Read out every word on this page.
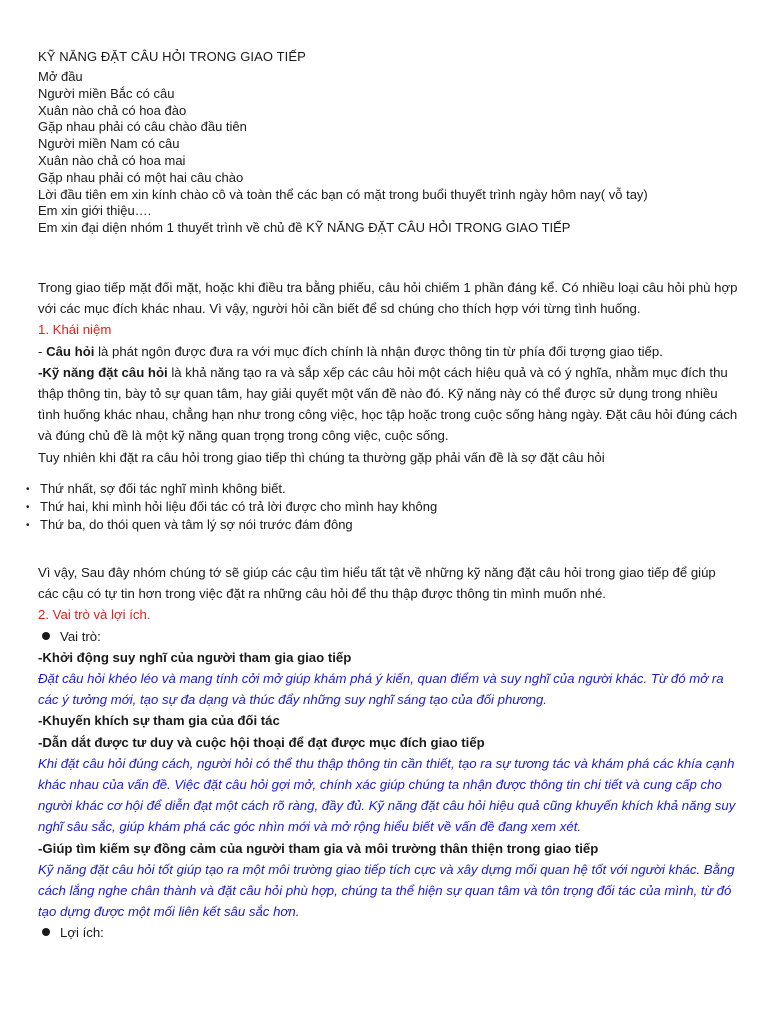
KỸ NĂNG ĐẶT CÂU HỎI TRONG GIAO TIẾP
Mở đầu
Người miền Bắc có câu
Xuân nào chả có hoa đào
Gặp nhau phải có câu chào đầu tiên
Người miền Nam có câu
Xuân nào chả có hoa mai
Gặp nhau phải có một hai câu chào
Lời đầu tiên em xin kính chào cô và toàn thể các bạn có mặt trong buổi thuyết trình ngày hôm nay( vỗ tay)
Em xin giới thiệu….
Em xin đại diện nhóm 1 thuyết trình về chủ đề KỸ NĂNG ĐẶT CÂU HỎI TRONG GIAO TIẾP

Trong giao tiếp mặt đối mặt, hoặc khi điều tra bằng phiếu, câu hỏi chiếm 1 phần đáng kể. Có nhiều loại câu hỏi phù hợp với các mục đích khác nhau. Vì vậy, người hỏi cần biết để sd chúng cho thích hợp với từng tình huống.

1. Khái niệm

- Câu hỏi là phát ngôn được đưa ra với mục đích chính là nhận được thông tin từ phía đối tượng giao tiếp.

-Kỹ năng đặt câu hỏi là khả năng tạo ra và sắp xếp các câu hỏi một cách hiệu quả và có ý nghĩa, nhằm mục đích thu thập thông tin, bày tỏ sự quan tâm, hay giải quyết một vấn đề nào đó. Kỹ năng này có thể được sử dụng trong nhiều tình huống khác nhau, chẳng hạn như trong công việc, học tập hoặc trong cuộc sống hàng ngày. Đặt câu hỏi đúng cách và đúng chủ đề là một kỹ năng quan trọng trong công việc, cuộc sống.

Tuy nhiên khi đặt ra câu hỏi trong giao tiếp thì chúng ta thường gặp phải vấn đề là sợ đặt câu hỏi

• Thứ nhất, sợ đối tác nghĩ mình không biết.
• Thứ hai, khi mình hỏi liệu đối tác có trả lời được cho mình hay không
• Thứ ba, do thói quen và tâm lý sợ nói trước đám đông

Vì vậy, Sau đây nhóm chúng tớ sẽ giúp các cậu tìm hiểu tất tật về những kỹ năng đặt câu hỏi trong giao tiếp để giúp các cậu có tự tin hơn trong việc đặt ra những câu hỏi để thu thập được thông tin mình muốn nhé.

2. Vai trò và lợi ích.

Vai trò:

-Khởi động suy nghĩ của người tham gia giao tiếp

Đặt câu hỏi khéo léo và mang tính cởi mở giúp khám phá ý kiến, quan điểm và suy nghĩ của người khác. Từ đó mở ra các ý tưởng mới, tạo sự đa dạng và thúc đẩy những suy nghĩ sáng tạo của đối phương.

-Khuyến khích sự tham gia của đối tác

-Dẫn dắt được tư duy và cuộc hội thoại để đạt được mục đích giao tiếp

Khi đặt câu hỏi đúng cách, người hỏi có thể thu thập thông tin cần thiết, tạo ra sự tương tác và khám phá các khía cạnh khác nhau của vấn đề. Việc đặt câu hỏi gợi mở, chính xác giúp chúng ta nhận được thông tin chi tiết và cung cấp cho người khác cơ hội để diễn đạt một cách rõ ràng, đầy đủ. Kỹ năng đặt câu hỏi hiệu quả cũng khuyến khích khả năng suy nghĩ sâu sắc, giúp khám phá các góc nhìn mới và mở rộng hiểu biết về vấn đề đang xem xét.

-Giúp tìm kiếm sự đồng cảm của người tham gia và môi trường thân thiện trong giao tiếp

Kỹ năng đặt câu hỏi tốt giúp tạo ra một môi trường giao tiếp tích cực và xây dựng mối quan hệ tốt với người khác. Bằng cách lắng nghe chân thành và đặt câu hỏi phù hợp, chúng ta thể hiện sự quan tâm và tôn trọng đối tác của mình, từ đó tạo dựng được một mối liên kết sâu sắc hơn.

Lợi ích:
